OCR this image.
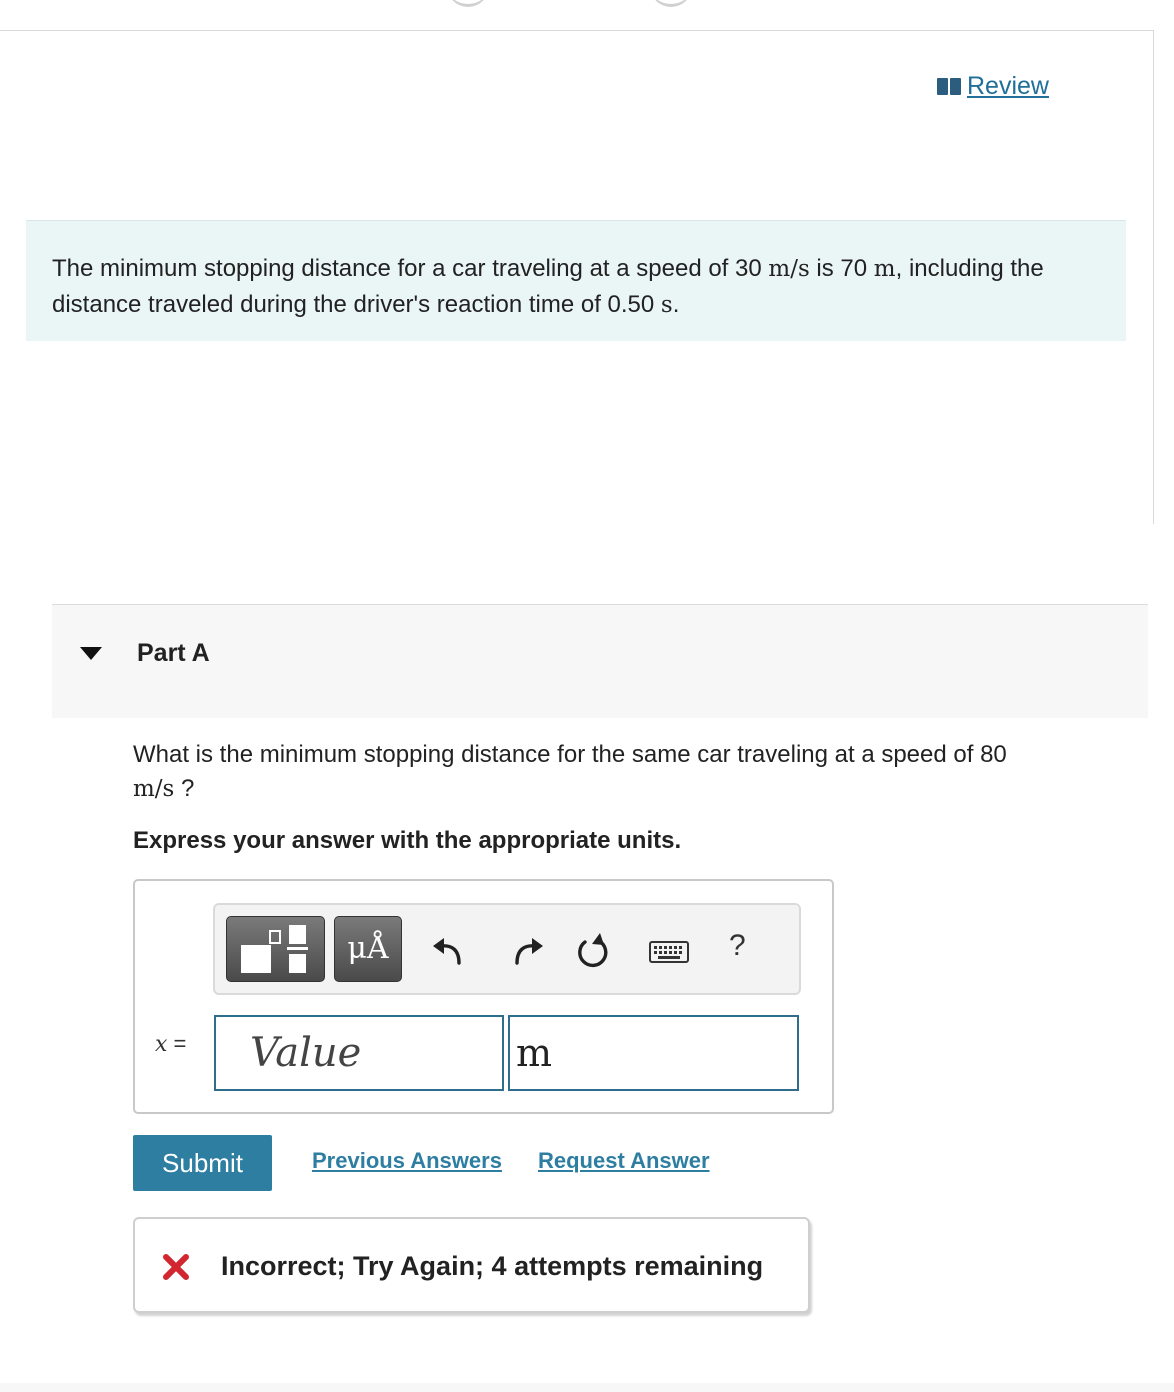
Review
The minimum stopping distance for a car traveling at a speed of 30 m/s is 70 m, including the distance traveled during the driver's reaction time of 0.50 s.
Part A
What is the minimum stopping distance for the same car traveling at a speed of 80 m/s ?
Express your answer with the appropriate units.
μÅ	?
x =
Value
m
Submit	Previous Answers Request Answer
Incorrect; Try Again; 4 attempts remaining
